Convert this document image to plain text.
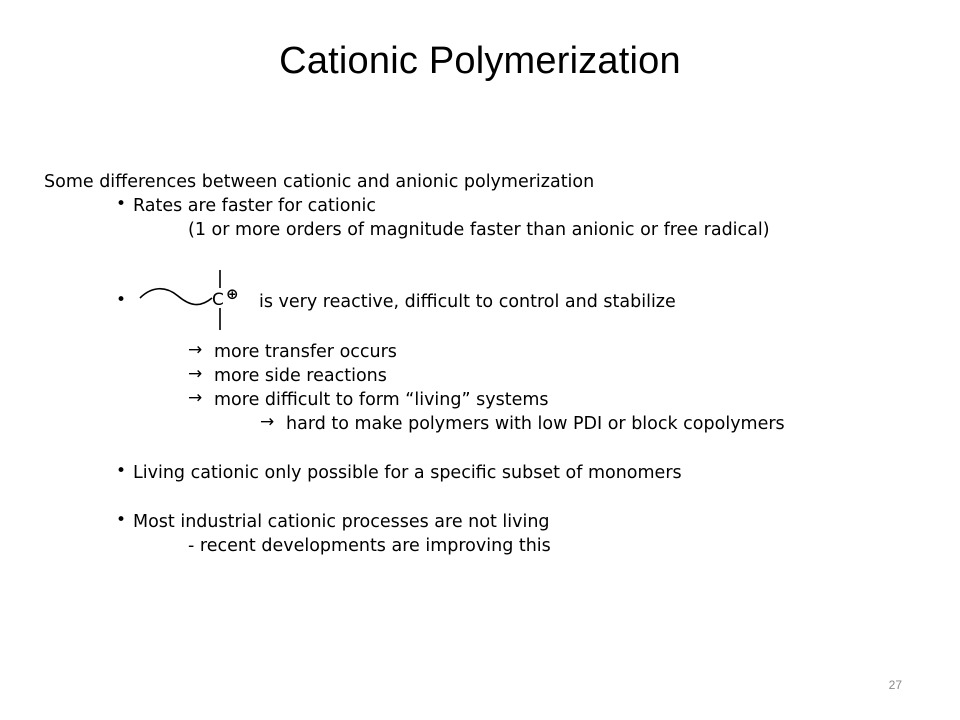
Cationic Polymerization
Some differences between cationic and anionic polymerization
• Rates are faster for cationic
(1 or more orders of magnitude faster than anionic or free radical)
•	C ⊕ is very reactive, difficult to control and stabilize
→ more transfer occurs
→ more side reactions
→ more difficult to form “living” systems
→ hard to make polymers with low PDI or block copolymers
• Living cationic only possible for a specific subset of monomers
• Most industrial cationic processes are not living
- recent developments are improving this
27
